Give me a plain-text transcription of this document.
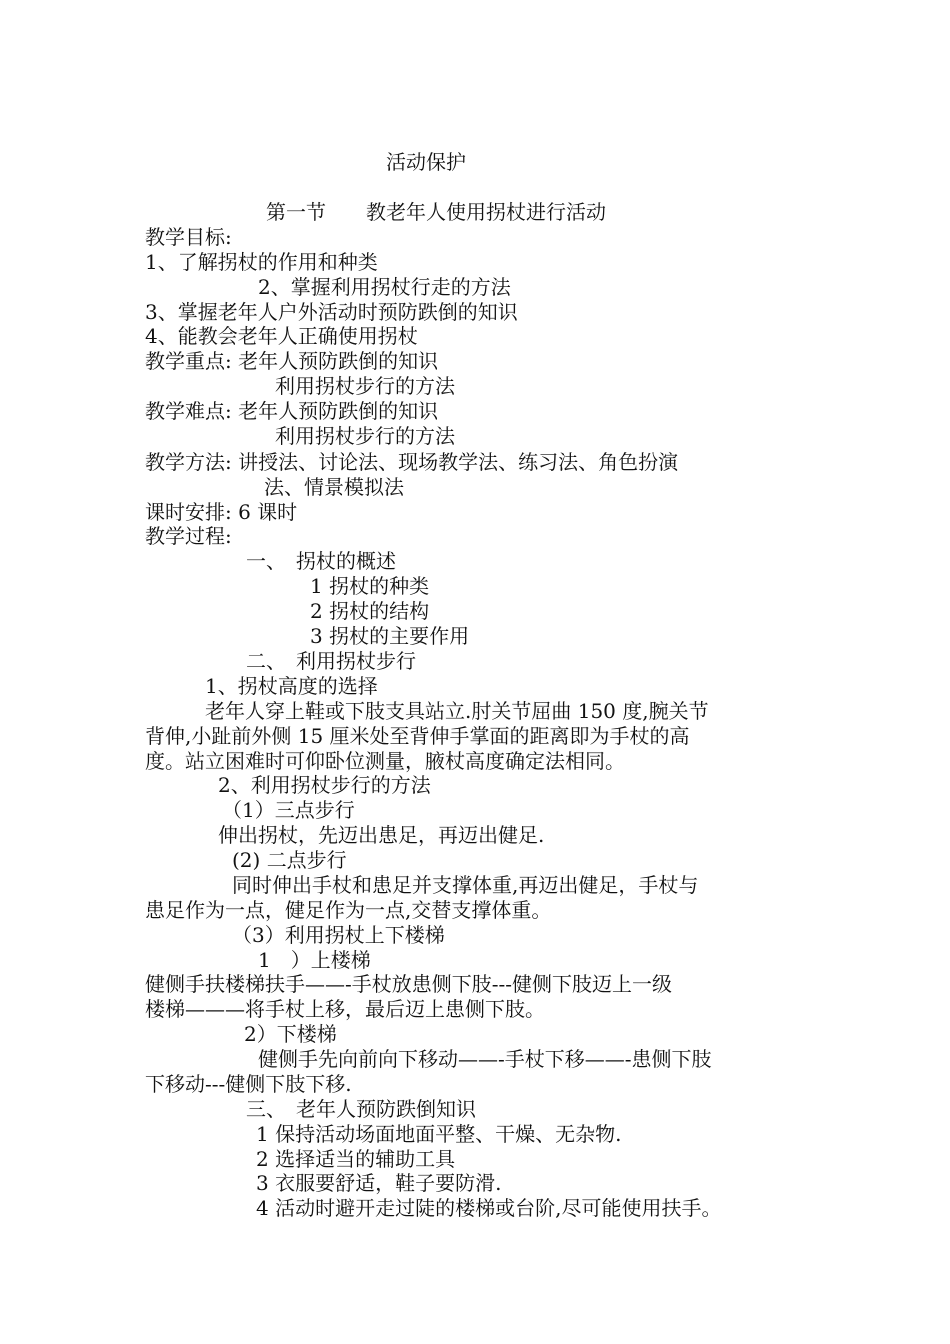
活动保护
第一节　　教老年人使用拐杖进行活动
教学目标:
1、了解拐杖的作用和种类
2、掌握利用拐杖行走的方法
3、掌握老年人户外活动时预防跌倒的知识
4、能教会老年人正确使用拐杖
教学重点: 老年人预防跌倒的知识
利用拐杖步行的方法
教学难点: 老年人预防跌倒的知识
利用拐杖步行的方法
教学方法: 讲授法、讨论法、现场教学法、练习法、角色扮演
法、情景模拟法
课时安排: 6 课时
教学过程:
一、　拐杖的概述
1 拐杖的种类
2 拐杖的结构
3 拐杖的主要作用
二、　利用拐杖步行
1、拐杖高度的选择
老年人穿上鞋或下肢支具站立.肘关节屈曲 150 度,腕关节
背伸,小趾前外侧 15 厘米处至背伸手掌面的距离即为手杖的高
度。站立困难时可仰卧位测量，腋杖高度确定法相同。
2、利用拐杖步行的方法
（1）三点步行
伸出拐杖，先迈出患足，再迈出健足.
(2) 二点步行
同时伸出手杖和患足并支撑体重,再迈出健足，手杖与
患足作为一点，健足作为一点,交替支撑体重。
（3）利用拐杖上下楼梯
1　）上楼梯
健侧手扶楼梯扶手——-手杖放患侧下肢---健侧下肢迈上一级
楼梯———将手杖上移，最后迈上患侧下肢。
2）下楼梯
健侧手先向前向下移动——-手杖下移——-患侧下肢
下移动---健侧下肢下移.
三、　老年人预防跌倒知识
1 保持活动场面地面平整、干燥、无杂物.
2 选择适当的辅助工具
3 衣服要舒适，鞋子要防滑.
4 活动时避开走过陡的楼梯或台阶,尽可能使用扶手。
